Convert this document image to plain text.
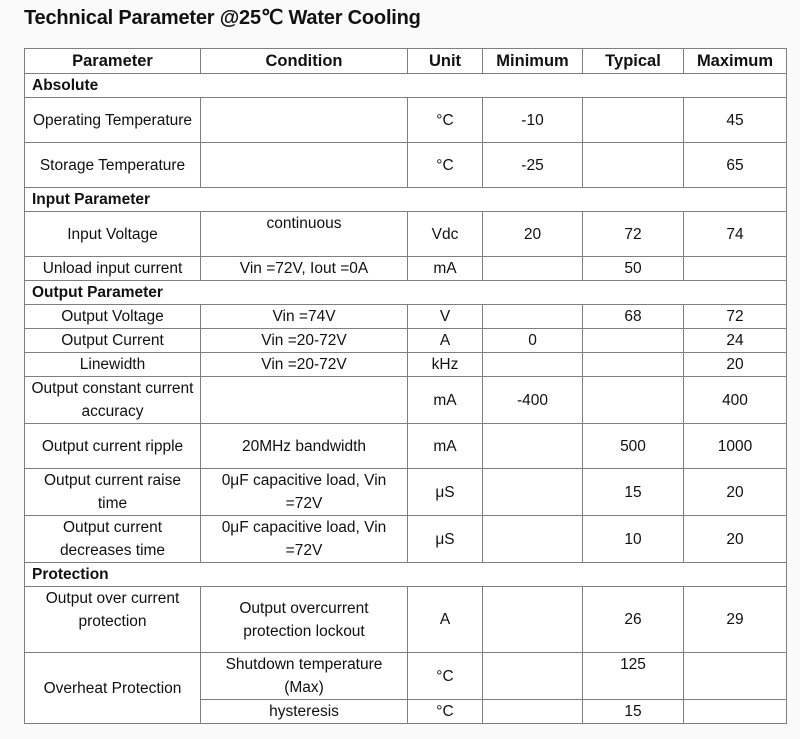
Technical Parameter @25℃ Water Cooling
Parameter	Condition	Unit	Minimum	Typical	Maximum
Absolute					
Operating Temperature		°C	-10		45
Storage Temperature		°C	-25		65
Input Parameter					
Input Voltage	continuous	Vdc	20	72	74
Unload input current	Vin =72V, Iout =0A	mA		50	
Output Parameter					
Output Voltage	Vin =74V	V		68	72
Output Current	Vin =20-72V	A	0		24
Linewidth	Vin =20-72V	kHz			20
Output constant current accuracy		mA	-400		400
Output current ripple	20MHz bandwidth	mA		500	1000
Output current raise time	0μF capacitive load, Vin =72V	μS		15	20
Output current decreases time	0μF capacitive load, Vin =72V	μS		10	20
Protection					
Output over current protection	Output overcurrent protection lockout	A		26	29
Overheat Protection	Shutdown temperature (Max)	°C		125	
	hysteresis	°C		15	
